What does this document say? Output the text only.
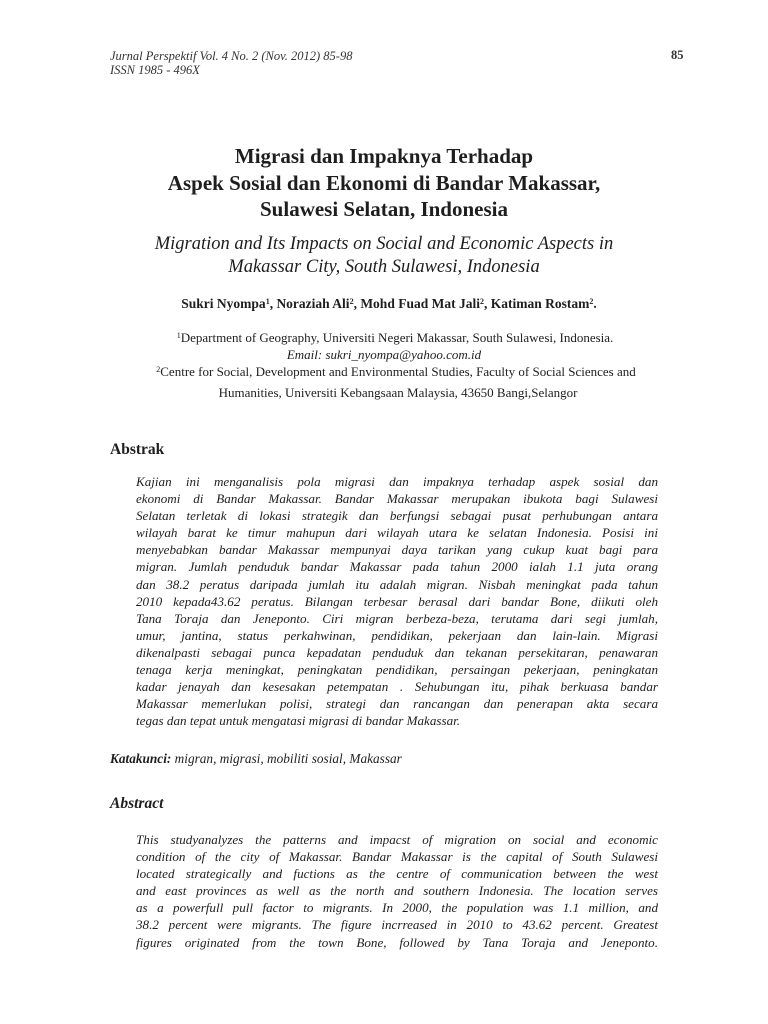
Jurnal Perspektif Vol. 4 No. 2 (Nov. 2012) 85-98
ISSN 1985 - 496X
85
Migrasi dan Impaknya Terhadap
Aspek Sosial dan Ekonomi di Bandar Makassar,
Sulawesi Selatan, Indonesia
Migration and Its Impacts on Social and Economic Aspects in
Makassar City, South Sulawesi, Indonesia
Sukri Nyompa$^1$, Noraziah Ali$^2$, Mohd Fuad Mat Jali$^2$, Katiman Rostam$^2$.
$^1$Department of Geography, Universiti Negeri Makassar, South Sulawesi, Indonesia.
Email: sukri_nyompa@yahoo.com.id
$^2$Centre for Social, Development and Environmental Studies, Faculty of Social Sciences and
Humanities, Universiti Kebangsaan Malaysia, 43650 Bangi,Selangor
Abstrak
Kajian ini menganalisis pola migrasi dan impaknya terhadap aspek sosial dan
ekonomi di Bandar Makassar. Bandar Makassar merupakan ibukota bagi Sulawesi
Selatan terletak di lokasi strategik dan berfungsi sebagai pusat perhubungan antara
wilayah barat ke timur mahupun dari wilayah utara ke selatan Indonesia. Posisi ini
menyebabkan bandar Makassar mempunyai daya tarikan yang cukup kuat bagi para
migran. Jumlah penduduk bandar Makassar pada tahun 2000 ialah 1.1 juta orang
dan 38.2 peratus daripada jumlah itu adalah migran. Nisbah meningkat pada tahun
2010 kepada43.62 peratus. Bilangan terbesar berasal dari bandar Bone, diikuti oleh
Tana Toraja dan Jeneponto. Ciri migran berbeza-beza, terutama dari segi jumlah,
umur, jantina, status perkahwinan, pendidikan, pekerjaan dan lain-lain. Migrasi
dikenalpasti sebagai punca kepadatan penduduk dan tekanan persekitaran, penawaran
tenaga kerja meningkat, peningkatan pendidikan, persaingan pekerjaan, peningkatan
kadar jenayah dan kesesakan petempatan . Sehubungan itu, pihak berkuasa bandar
Makassar memerlukan polisi, strategi dan rancangan dan penerapan akta secara
tegas dan tepat untuk mengatasi migrasi di bandar Makassar.
Katakunci: migran, migrasi, mobiliti sosial, Makassar
Abstract
This studyanalyzes the patterns and impacst of migration on social and economic
condition of the city of Makassar. Bandar Makassar is the capital of South Sulawesi
located strategically and fuctions as the centre of communication between the west
and east provinces as well as the north and southern Indonesia. The location serves
as a powerfull pull factor to migrants. In 2000, the population was 1.1 million, and
38.2 percent were migrants. The figure incrreased in 2010 to 43.62 percent. Greatest
figures originated from the town Bone, followed by Tana Toraja and Jeneponto.
